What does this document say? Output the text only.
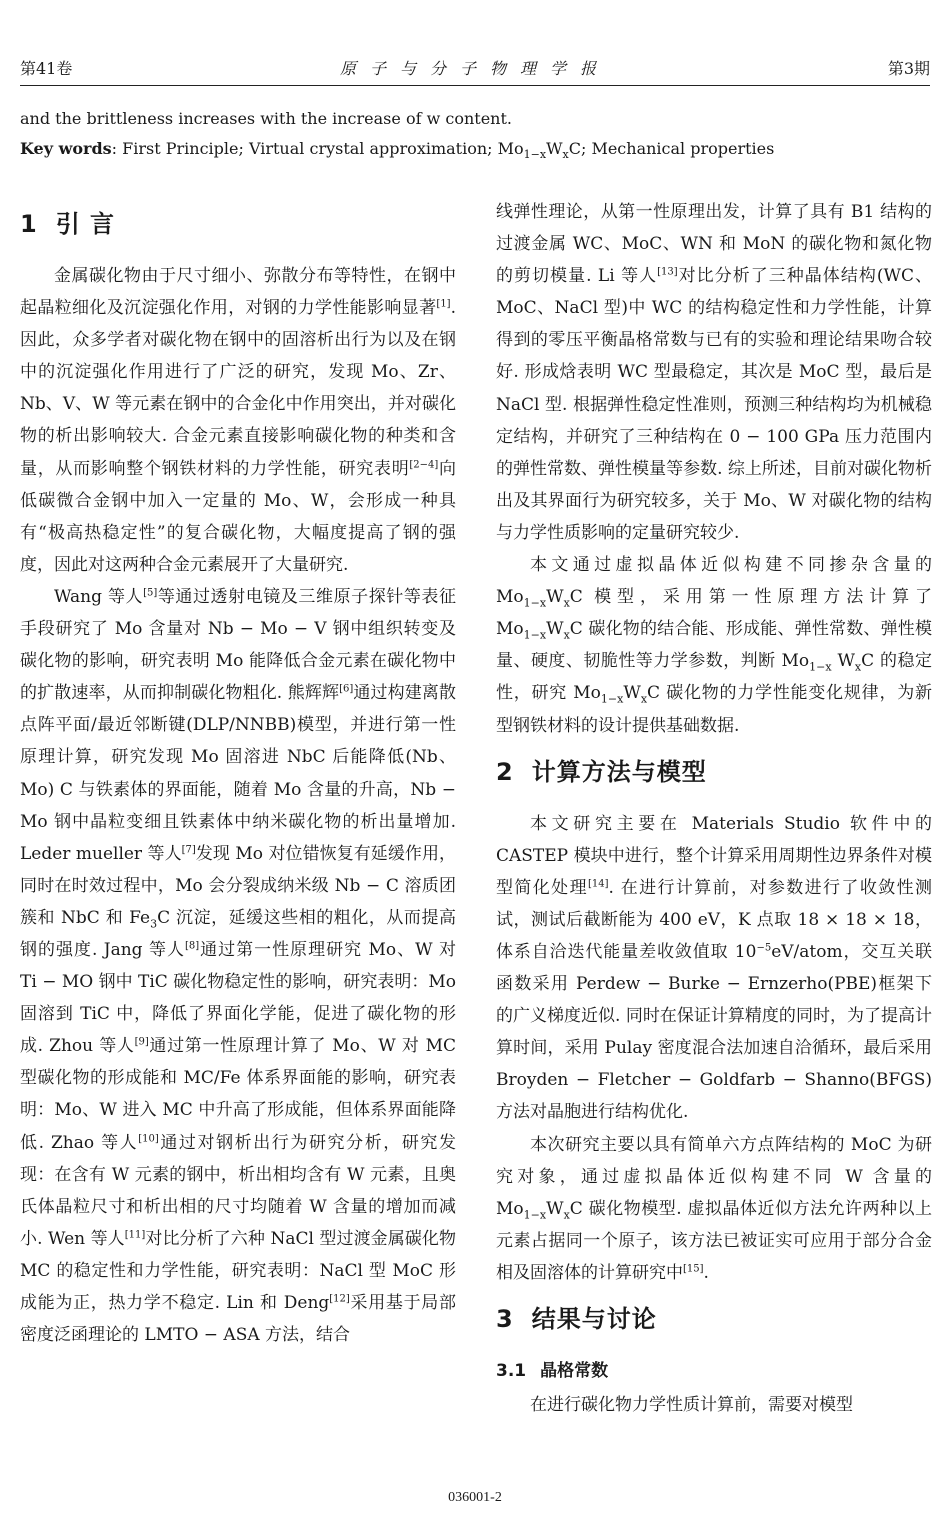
第41卷	原子与分子物理学报	第3期

and the brittleness increases with the increase of w content.

Key words: First Principle; Virtual crystal approximation; $Mo_{1-x}W_xC$; Mechanical properties

1 引 言

金属碳化物由于尺寸细小、弥散分布等特性，在钢中起晶粒细化及沉淀强化作用，对钢的力学性能影响显著[1]. 因此，众多学者对碳化物在钢中的固溶析出行为以及在钢中的沉淀强化作用进行了广泛的研究，发现 Mo、Zr、Nb、V、W 等元素在钢中的合金化中作用突出，并对碳化物的析出影响较大. 合金元素直接影响碳化物的种类和含量，从而影响整个钢铁材料的力学性能，研究表明[2−4]向低碳微合金钢中加入一定量的 Mo、W，会形成一种具有“极高热稳定性”的复合碳化物，大幅度提高了钢的强度，因此对这两种合金元素展开了大量研究.

Wang 等人[5]等通过透射电镜及三维原子探针等表征手段研究了 Mo 含量对 Nb − Mo − V 钢中组织转变及碳化物的影响，研究表明 Mo 能降低合金元素在碳化物中的扩散速率，从而抑制碳化物粗化. 熊辉辉[6]通过构建离散点阵平面/最近邻断键(DLP/NNBB)模型，并进行第一性原理计算，研究发现 Mo 固溶进 NbC 后能降低(Nb、Mo) C 与铁素体的界面能，随着 Mo 含量的升高，Nb − Mo 钢中晶粒变细且铁素体中纳米碳化物的析出量增加. Leder mueller 等人[7]发现 Mo 对位错恢复有延缓作用，同时在时效过程中，Mo 会分裂成纳米级 Nb − C 溶质团簇和 NbC 和 $Fe_3C$ 沉淀，延缓这些相的粗化，从而提高钢的强度. Jang 等人[8]通过第一性原理研究 Mo、W 对 Ti − MO 钢中 TiC 碳化物稳定性的影响，研究表明：Mo 固溶到 TiC 中，降低了界面化学能，促进了碳化物的形成. Zhou 等人[9]通过第一性原理计算了 Mo、W 对 MC 型碳化物的形成能和 MC/Fe 体系界面能的影响，研究表明：Mo、W 进入 MC 中升高了形成能，但体系界面能降低. Zhao 等人[10]通过对钢析出行为研究分析，研究发现：在含有 W 元素的钢中，析出相均含有 W 元素，且奥氏体晶粒尺寸和析出相的尺寸均随着 W 含量的增加而减小. Wen 等人[11]对比分析了六种 NaCl 型过渡金属碳化物 MC 的稳定性和力学性能，研究表明：NaCl 型 MoC 形成能为正，热力学不稳定. Lin 和 Deng[12]采用基于局部密度泛函理论的 LMTO − ASA 方法，结合

线弹性理论，从第一性原理出发，计算了具有 B1 结构的过渡金属 WC、MoC、WN 和 MoN 的碳化物和氮化物的剪切模量. Li 等人[13]对比分析了三种晶体结构(WC、MoC、NaCl 型)中 WC 的结构稳定性和力学性能，计算得到的零压平衡晶格常数与已有的实验和理论结果吻合较好. 形成焓表明 WC 型最稳定，其次是 MoC 型，最后是 NaCl 型. 根据弹性稳定性准则，预测三种结构均为机械稳定结构，并研究了三种结构在 0 − 100 GPa 压力范围内的弹性常数、弹性模量等参数. 综上所述，目前对碳化物析出及其界面行为研究较多，关于 Mo、W 对碳化物的结构与力学性质影响的定量研究较少.

本文通过虚拟晶体近似构建不同掺杂含量的 $Mo_{1-x}W_xC$ 模型，采用第一性原理方法计算了 $Mo_{1-x}W_xC$ 碳化物的结合能、形成能、弹性常数、弹性模量、硬度、韧脆性等力学参数，判断 $Mo_{1-x}$ $W_xC$ 的稳定性，研究 $Mo_{1-x}W_xC$ 碳化物的力学性能变化规律，为新型钢铁材料的设计提供基础数据.

2 计算方法与模型

本文研究主要在 Materials Studio 软件中的 CASTEP 模块中进行，整个计算采用周期性边界条件对模型简化处理[14]. 在进行计算前，对参数进行了收敛性测试，测试后截断能为 400 eV，K 点取 18 × 18 × 18，体系自洽迭代能量差收敛值取 10$^{-5}$eV/atom，交互关联函数采用 Perdew − Burke − Ernzerho(PBE)框架下的广义梯度近似. 同时在保证计算精度的同时，为了提高计算时间，采用 Pulay 密度混合法加速自洽循环，最后采用 Broyden − Fletcher − Goldfarb − Shanno(BFGS)方法对晶胞进行结构优化.

本次研究主要以具有简单六方点阵结构的 MoC 为研究对象，通过虚拟晶体近似构建不同 W 含量的 $Mo_{1-x}W_xC$ 碳化物模型. 虚拟晶体近似方法允许两种以上元素占据同一个原子，该方法已被证实可应用于部分合金相及固溶体的计算研究中[15].

3 结果与讨论
3.1 晶格常数

在进行碳化物力学性质计算前，需要对模型

036001-2
